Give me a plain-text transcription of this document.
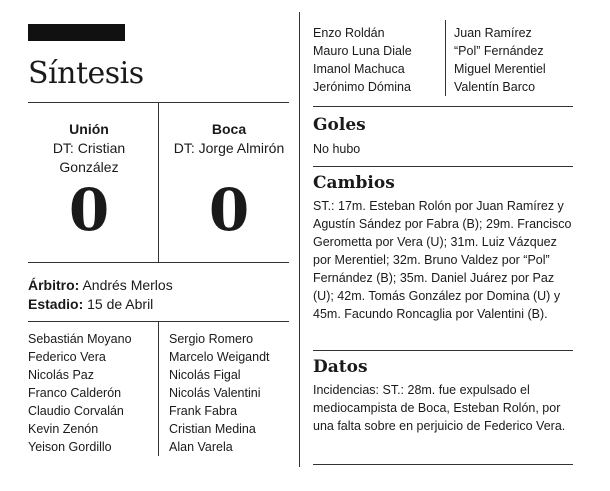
Síntesis
Unión
DT: Cristian González
0
Boca
DT: Jorge Almirón
0
Árbitro: Andrés Merlos
Estadio: 15 de Abril
Sebastián Moyano
Federico Vera
Nicolás Paz
Franco Calderón
Claudio Corvalán
Kevin Zenón
Yeison Gordillo
Sergio Romero
Marcelo Weigandt
Nicolás Figal
Nicolás Valentini
Frank Fabra
Cristian Medina
Alan Varela
Enzo Roldán
Mauro Luna Diale
Imanol Machuca
Jerónimo Dómina
Juan Ramírez
“Pol” Fernández
Miguel Merentiel
Valentín Barco
Goles
No hubo
Cambios
ST.: 17m. Esteban Rolón por Juan Ramírez y Agustín Sández por Fabra (B); 29m. Francisco Gerometta por Vera (U); 31m. Luiz Vázquez por Merentiel; 32m. Bruno Valdez por “Pol” Fernández (B); 35m. Daniel Juárez por Paz (U); 42m. Tomás González por Domina (U) y 45m. Facundo Roncaglia por Valentini (B).
Datos
Incidencias: ST.: 28m. fue expulsado el mediocampista de Boca, Esteban Rolón, por una falta sobre en perjuicio de Federico Vera.
